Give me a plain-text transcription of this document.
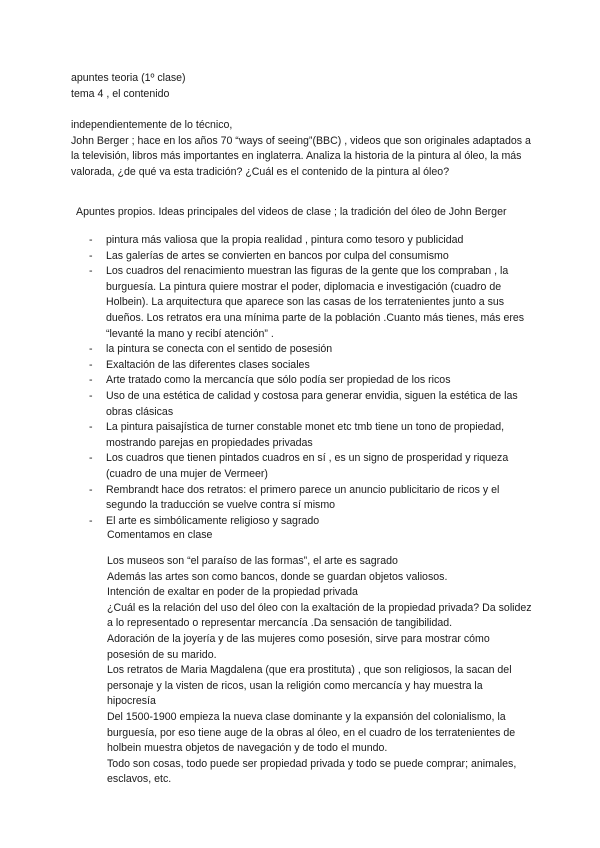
apuntes teoria (1º clase)

tema 4 , el contenido

independientemente de lo técnico,

John Berger ; hace en los años 70 “ways of seeing”(BBC) , videos que son originales adaptados a la televisión, libros más importantes en inglaterra. Analiza la historia de la pintura al óleo, la más valorada, ¿de qué va esta tradición? ¿Cuál es el contenido de la pintura al óleo?

Apuntes propios. Ideas principales del videos de clase ; la tradición del óleo de John Berger

- pintura más valiosa que la propia realidad , pintura como tesoro y publicidad
- Las galerías de artes se convierten en bancos por culpa del consumismo
- Los cuadros del renacimiento muestran las figuras de la gente que los compraban , la burguesía. La pintura quiere mostrar el poder, diplomacia e investigación (cuadro de Holbein). La arquitectura que aparece son las casas de los terratenientes junto a sus dueños. Los retratos era una mínima parte de la población .Cuanto más tienes, más eres “levanté la mano y recibí atención” .
- la pintura se conecta con el sentido de posesión
- Exaltación de las diferentes clases sociales
- Arte tratado como la mercancía que sólo podía ser propiedad de los ricos
- Uso de una estética de calidad y costosa para generar envidia, siguen la estética de las obras clásicas
- La pintura paisajística de turner constable monet etc tmb tiene un tono de propiedad, mostrando parejas en propiedades privadas
- Los cuadros que tienen pintados cuadros en sí , es un signo de prosperidad y riqueza (cuadro de una mujer de Vermeer)
- Rembrandt hace dos retratos: el primero parece un anuncio publicitario de ricos y el segundo la traducción se vuelve contra sí mismo
- El arte es simbólicamente religioso y sagrado

Comentamos en clase

Los museos son “el paraíso de las formas”, el arte es sagrado

Además las artes son como bancos, donde se guardan objetos valiosos.

Intención de exaltar en poder de la propiedad privada

¿Cuál es la relación del uso del óleo con la exaltación de la propiedad privada? Da solidez a lo representado o representar mercancía .Da sensación de tangibilidad.

Adoración de la joyería y de las mujeres como posesión, sirve para mostrar cómo posesión de su marido.

Los retratos de Maria Magdalena (que era prostituta) , que son religiosos, la sacan del personaje y la visten de ricos, usan la religión como mercancía y hay muestra la hipocresía

Del 1500-1900 empieza la nueva clase dominante y la expansión del colonialismo, la burguesía, por eso tiene auge de la obras al óleo, en el cuadro de los terratenientes de holbein muestra objetos de navegación y de todo el mundo.

Todo son cosas, todo puede ser propiedad privada y todo se puede comprar; animales, esclavos, etc.
